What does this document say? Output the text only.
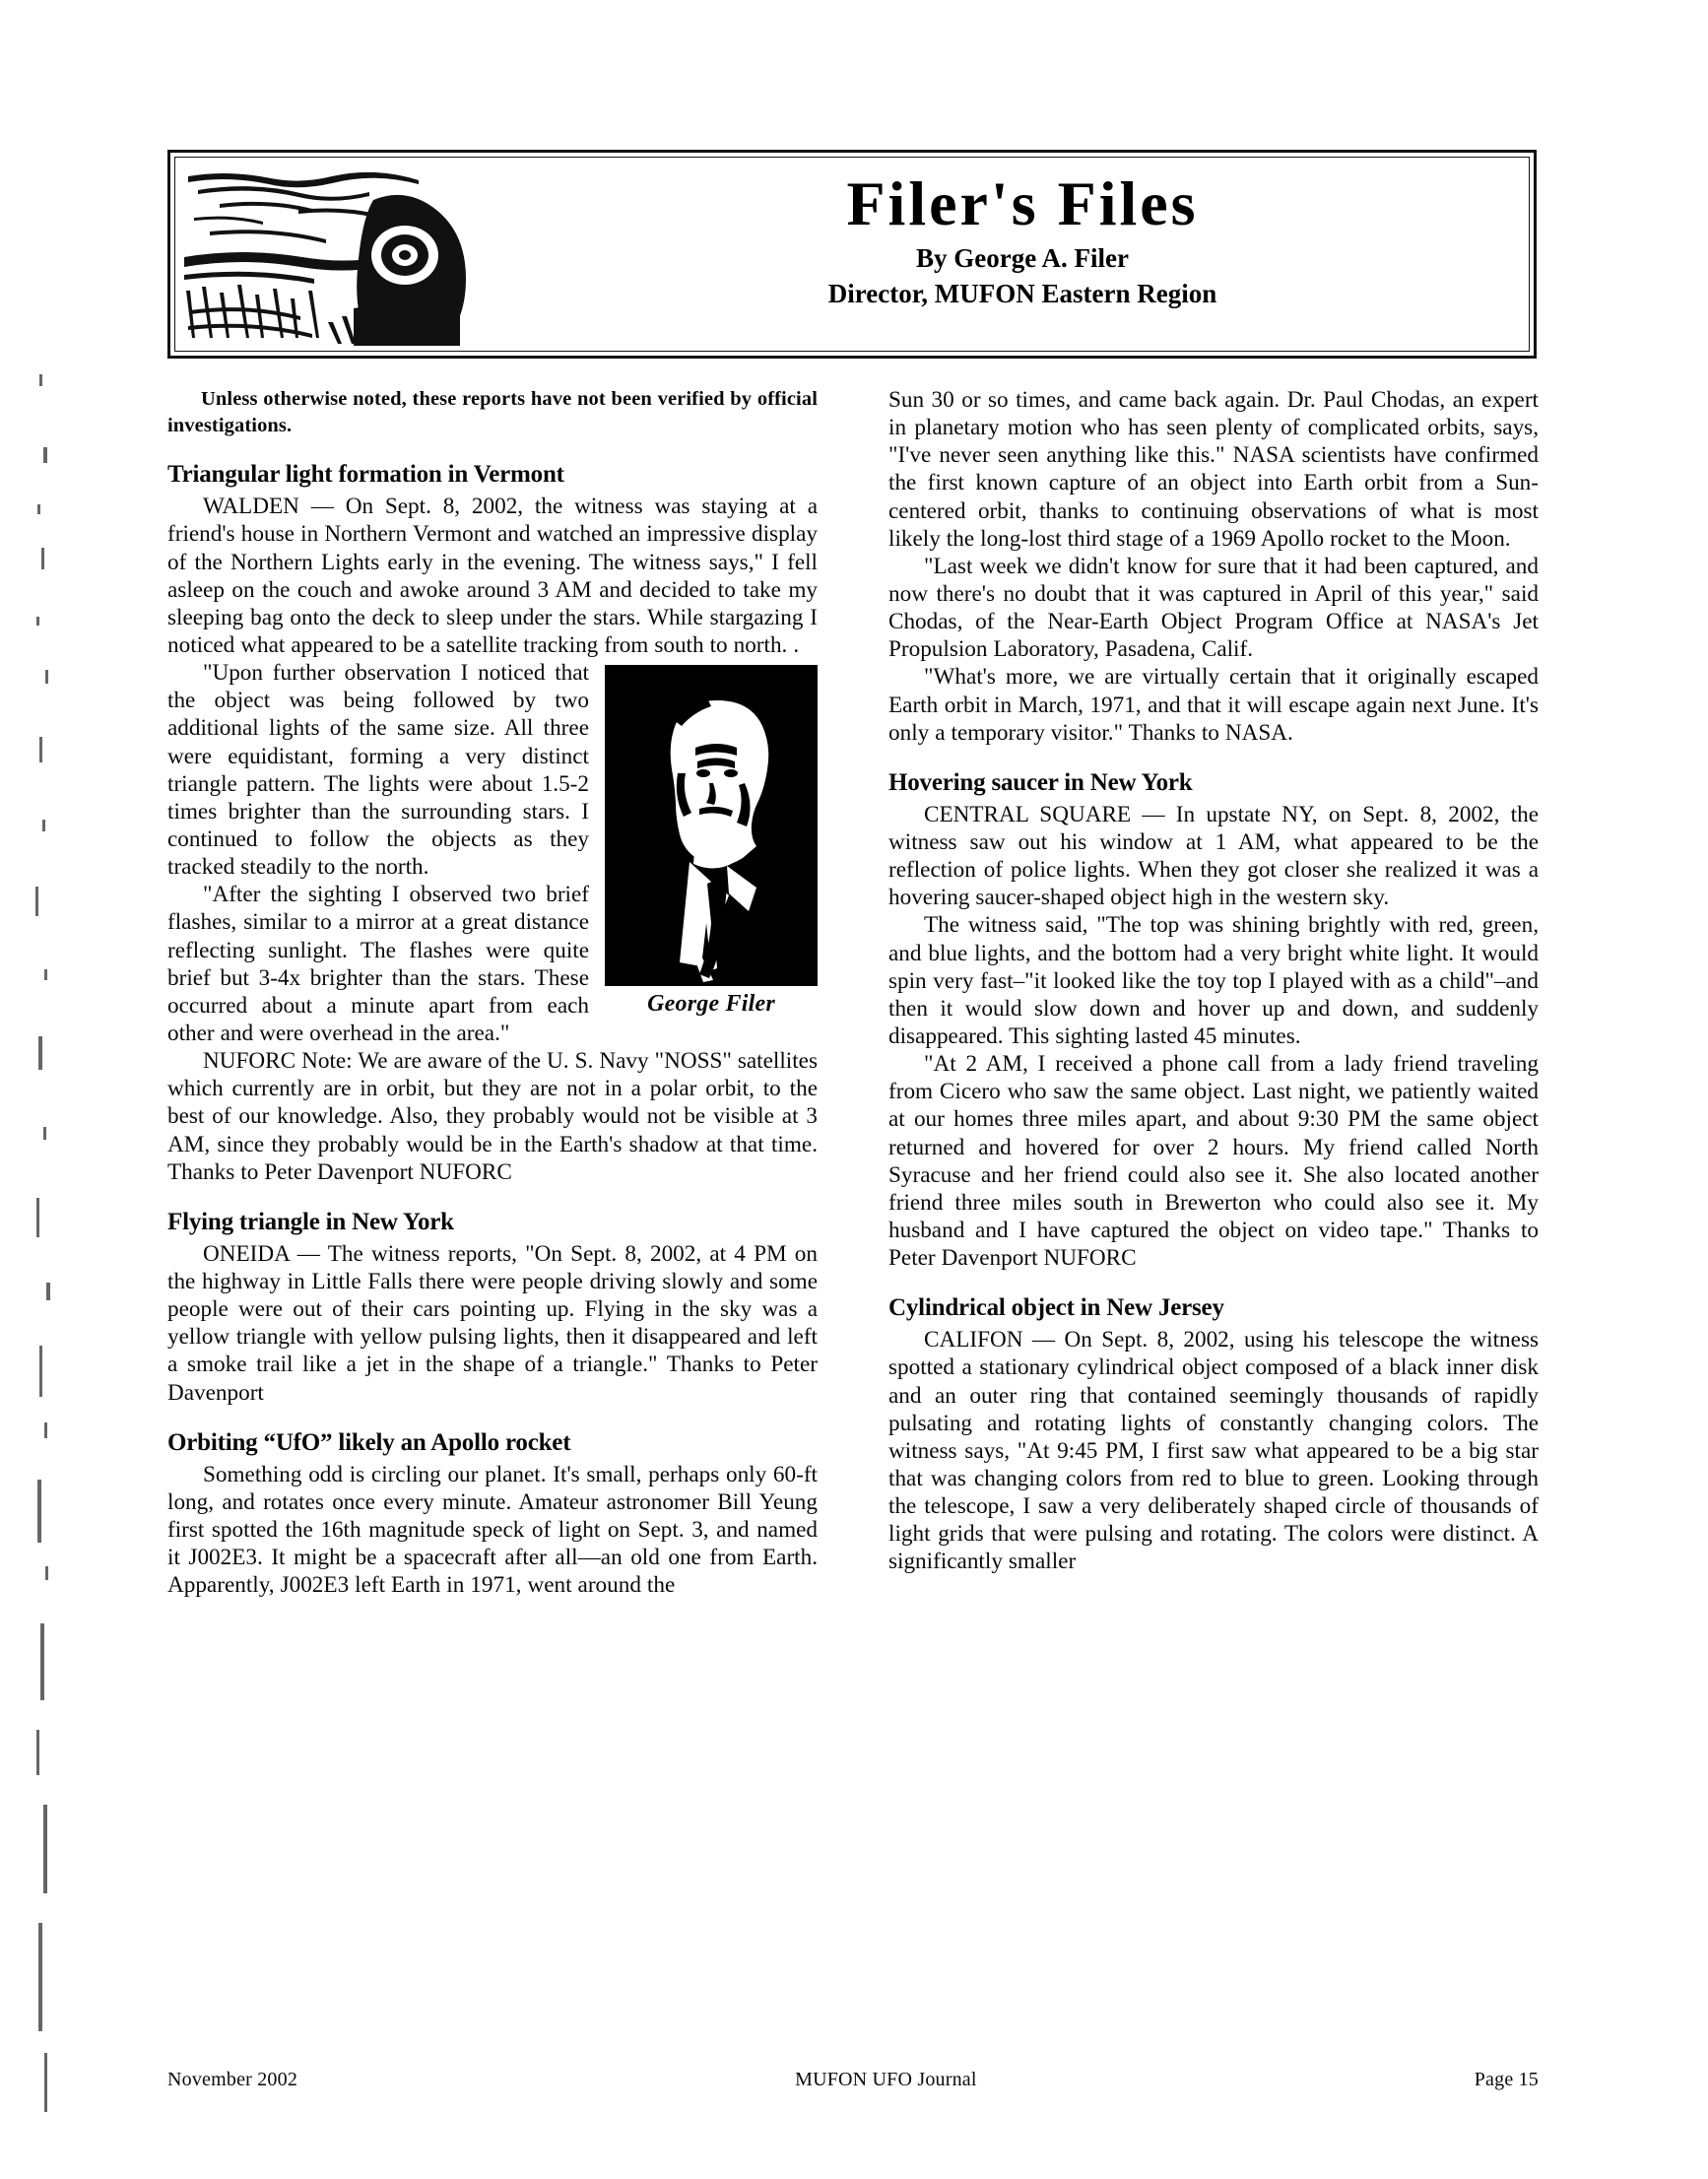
Filer's Files
By George A. Filer
Director, MUFON Eastern Region

Unless otherwise noted, these reports have not been verified by official investigations.

Triangular light formation in Vermont

WALDEN — On Sept. 8, 2002, the witness was staying at a friend's house in Northern Vermont and watched an impressive display of the Northern Lights early in the evening. The witness says," I fell asleep on the couch and awoke around 3 AM and decided to take my sleeping bag onto the deck to sleep under the stars. While stargazing I noticed what appeared to be a satellite tracking from south to north. .

George Filer

"Upon further observation I noticed that the object was being followed by two additional lights of the same size. All three were equidistant, forming a very distinct triangle pattern. The lights were about 1.5-2 times brighter than the surrounding stars. I continued to follow the objects as they tracked steadily to the north.

"After the sighting I observed two brief flashes, similar to a mirror at a great distance reflecting sunlight. The flashes were quite brief but 3-4x brighter than the stars. These occurred about a minute apart from each other and were overhead in the area."

NUFORC Note: We are aware of the U. S. Navy "NOSS" satellites which currently are in orbit, but they are not in a polar orbit, to the best of our knowledge. Also, they probably would not be visible at 3 AM, since they probably would be in the Earth's shadow at that time. Thanks to Peter Davenport NUFORC

Flying triangle in New York

ONEIDA — The witness reports, "On Sept. 8, 2002, at 4 PM on the highway in Little Falls there were people driving slowly and some people were out of their cars pointing up. Flying in the sky was a yellow triangle with yellow pulsing lights, then it disappeared and left a smoke trail like a jet in the shape of a triangle." Thanks to Peter Davenport

Orbiting “UfO” likely an Apollo rocket

Something odd is circling our planet. It's small, perhaps only 60-ft long, and rotates once every minute. Amateur astronomer Bill Yeung first spotted the 16th magnitude speck of light on Sept. 3, and named it J002E3. It might be a spacecraft after all—an old one from Earth. Apparently, J002E3 left Earth in 1971, went around the

Sun 30 or so times, and came back again. Dr. Paul Chodas, an expert in planetary motion who has seen plenty of complicated orbits, says, "I've never seen anything like this." NASA scientists have confirmed the first known capture of an object into Earth orbit from a Sun-centered orbit, thanks to continuing observations of what is most likely the long-lost third stage of a 1969 Apollo rocket to the Moon.

"Last week we didn't know for sure that it had been captured, and now there's no doubt that it was captured in April of this year," said Chodas, of the Near-Earth Object Program Office at NASA's Jet Propulsion Laboratory, Pasadena, Calif.

"What's more, we are virtually certain that it originally escaped Earth orbit in March, 1971, and that it will escape again next June. It's only a temporary visitor." Thanks to NASA.

Hovering saucer in New York

CENTRAL SQUARE — In upstate NY, on Sept. 8, 2002, the witness saw out his window at 1 AM, what appeared to be the reflection of police lights. When they got closer she realized it was a hovering saucer-shaped object high in the western sky.

The witness said, "The top was shining brightly with red, green, and blue lights, and the bottom had a very bright white light. It would spin very fast–"it looked like the toy top I played with as a child"–and then it would slow down and hover up and down, and suddenly disappeared. This sighting lasted 45 minutes.

"At 2 AM, I received a phone call from a lady friend traveling from Cicero who saw the same object. Last night, we patiently waited at our homes three miles apart, and about 9:30 PM the same object returned and hovered for over 2 hours. My friend called North Syracuse and her friend could also see it. She also located another friend three miles south in Brewerton who could also see it. My husband and I have captured the object on video tape." Thanks to Peter Davenport NUFORC

Cylindrical object in New Jersey

CALIFON — On Sept. 8, 2002, using his telescope the witness spotted a stationary cylindrical object composed of a black inner disk and an outer ring that contained seemingly thousands of rapidly pulsating and rotating lights of constantly changing colors. The witness says, "At 9:45 PM, I first saw what appeared to be a big star that was changing colors from red to blue to green. Looking through the telescope, I saw a very deliberately shaped circle of thousands of light grids that were pulsing and rotating. The colors were distinct. A significantly smaller

November 2002	MUFON UFO Journal	Page 15
